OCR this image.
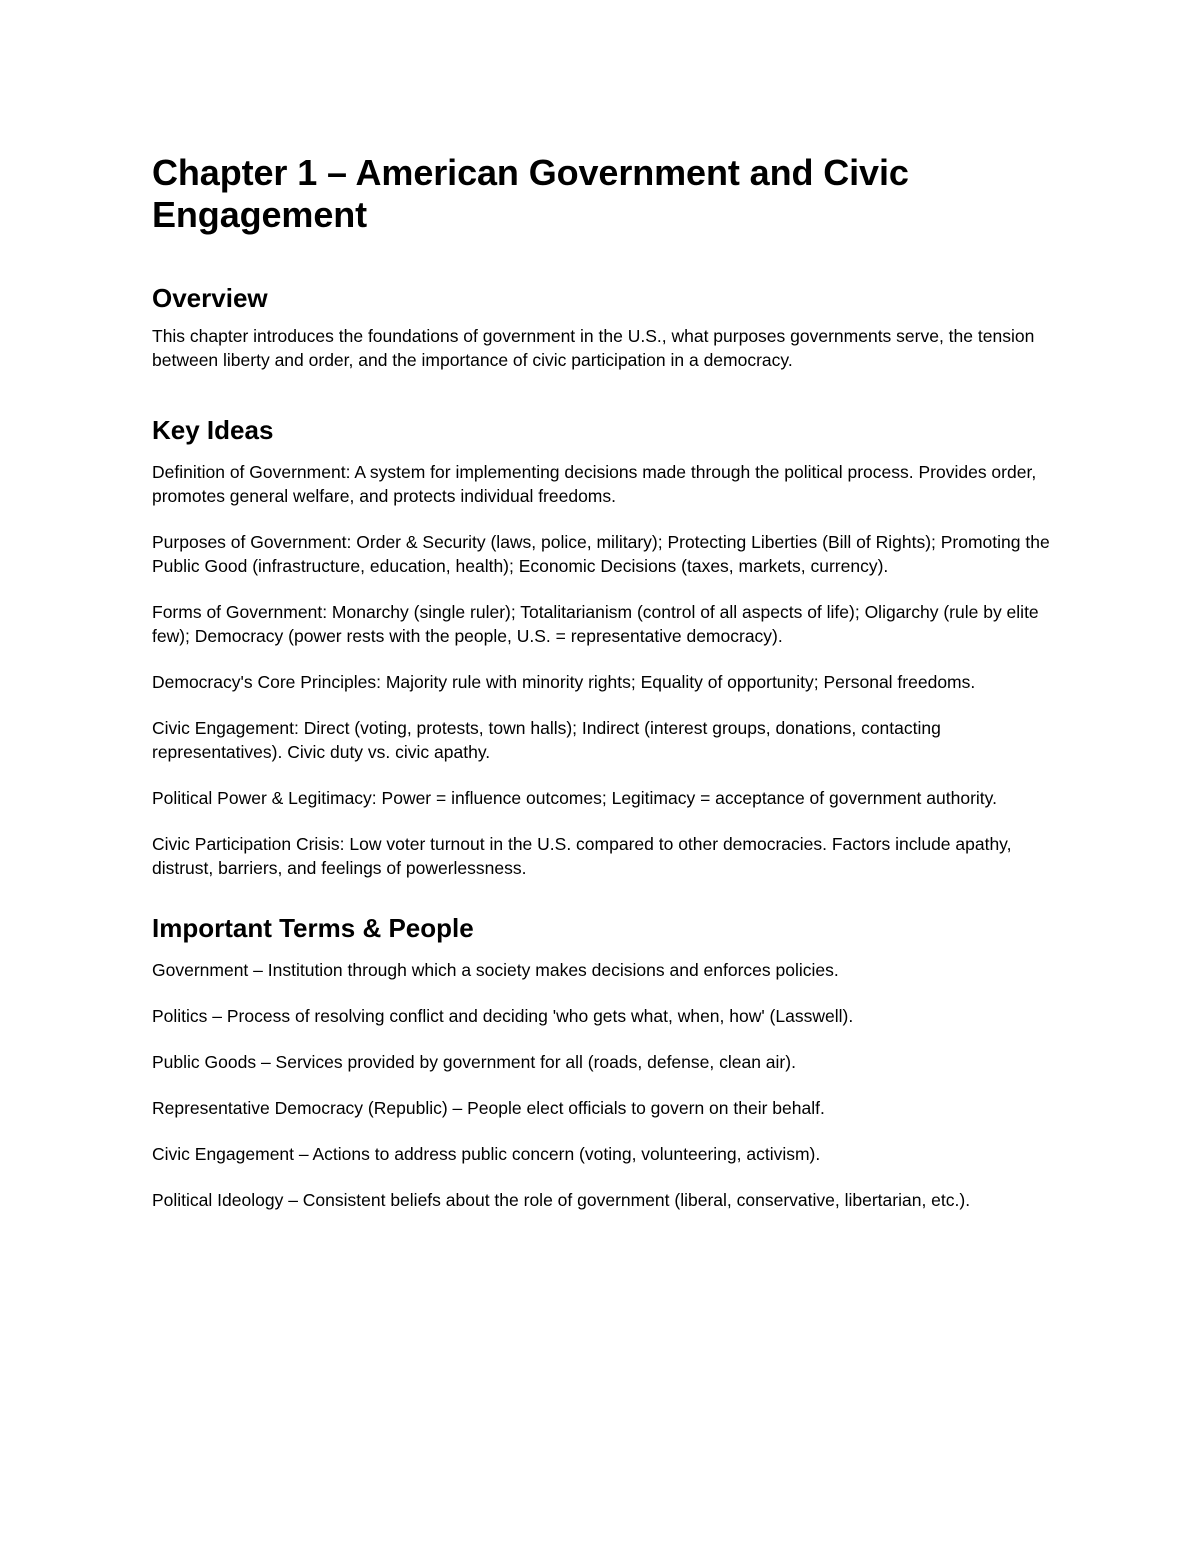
Chapter 1 – American Government and Civic Engagement
Overview

This chapter introduces the foundations of government in the U.S., what purposes governments serve, the tension between liberty and order, and the importance of civic participation in a democracy.

Key Ideas

Definition of Government: A system for implementing decisions made through the political process. Provides order, promotes general welfare, and protects individual freedoms.

Purposes of Government: Order & Security (laws, police, military); Protecting Liberties (Bill of Rights); Promoting the Public Good (infrastructure, education, health); Economic Decisions (taxes, markets, currency).

Forms of Government: Monarchy (single ruler); Totalitarianism (control of all aspects of life); Oligarchy (rule by elite few); Democracy (power rests with the people, U.S. = representative democracy).

Democracy's Core Principles: Majority rule with minority rights; Equality of opportunity; Personal freedoms.

Civic Engagement: Direct (voting, protests, town halls); Indirect (interest groups, donations, contacting representatives). Civic duty vs. civic apathy.

Political Power & Legitimacy: Power = influence outcomes; Legitimacy = acceptance of government authority.

Civic Participation Crisis: Low voter turnout in the U.S. compared to other democracies. Factors include apathy, distrust, barriers, and feelings of powerlessness.

Important Terms & People

Government – Institution through which a society makes decisions and enforces policies.

Politics – Process of resolving conflict and deciding 'who gets what, when, how' (Lasswell).

Public Goods – Services provided by government for all (roads, defense, clean air).

Representative Democracy (Republic) – People elect officials to govern on their behalf.

Civic Engagement – Actions to address public concern (voting, volunteering, activism).

Political Ideology – Consistent beliefs about the role of government (liberal, conservative, libertarian, etc.).
